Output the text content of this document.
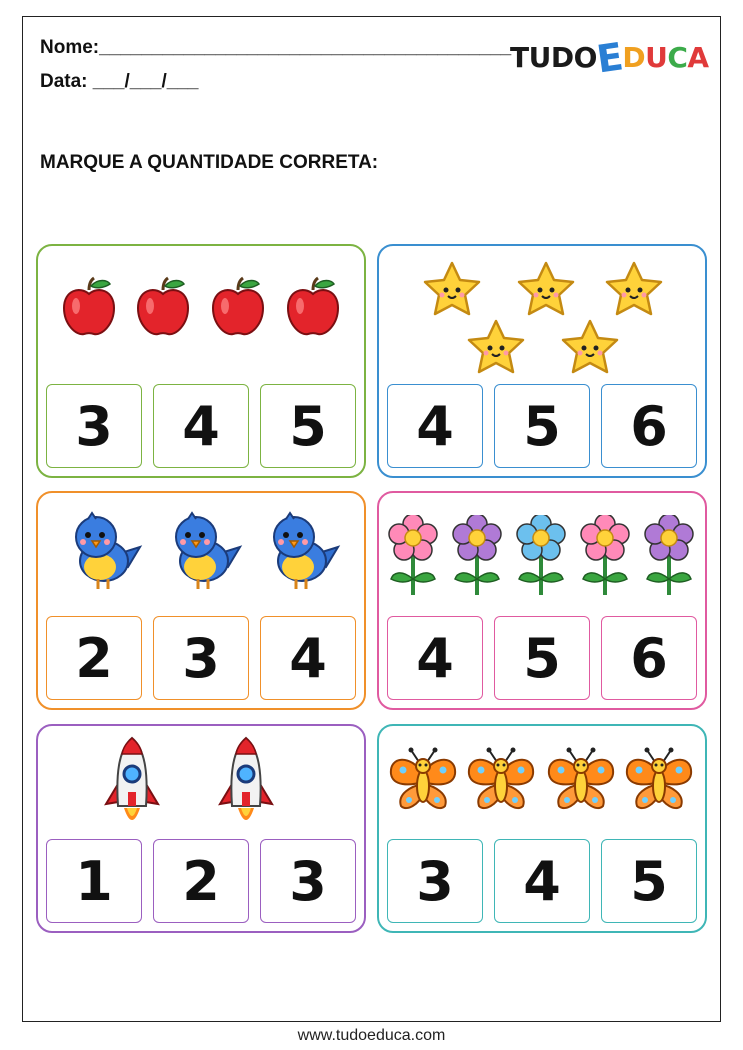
Nome:_______________________________________
Data: ___/___/___
TUDO
E
D U C A
MARQUE A QUANTIDADE CORRETA:
3	4	5	4	5	6
2	3	4	4	5	6
1	2	3	3	4	5
www.tudoeduca.com
